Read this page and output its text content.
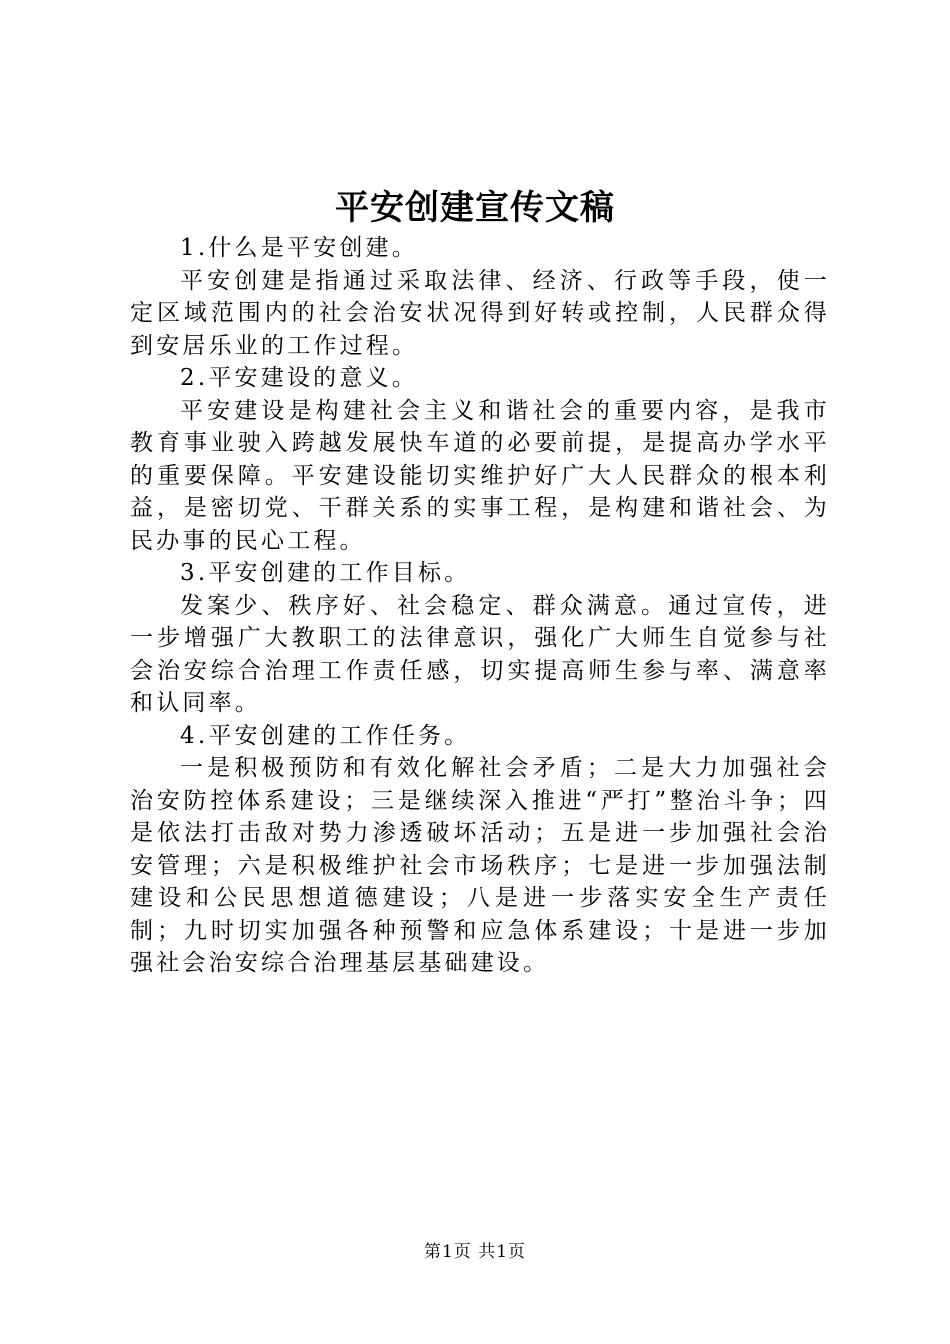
平安创建宣传文稿

1.什么是平安创建。

平安创建是指通过采取法律、经济、行政等手段，使一定区域范围内的社会治安状况得到好转或控制，人民群众得到安居乐业的工作过程。

2.平安建设的意义。

平安建设是构建社会主义和谐社会的重要内容，是我市教育事业驶入跨越发展快车道的必要前提，是提高办学水平的重要保障。平安建设能切实维护好广大人民群众的根本利益，是密切党、干群关系的实事工程，是构建和谐社会、为民办事的民心工程。

3.平安创建的工作目标。

发案少、秩序好、社会稳定、群众满意。通过宣传，进一步增强广大教职工的法律意识，强化广大师生自觉参与社会治安综合治理工作责任感，切实提高师生参与率、满意率和认同率。

4.平安创建的工作任务。

一是积极预防和有效化解社会矛盾；二是大力加强社会治安防控体系建设；三是继续深入推进“严打”整治斗争；四是依法打击敌对势力渗透破坏活动；五是进一步加强社会治安管理；六是积极维护社会市场秩序；七是进一步加强法制建设和公民思想道德建设；八是进一步落实安全生产责任制；九时切实加强各种预警和应急体系建设；十是进一步加强社会治安综合治理基层基础建设。

第1页 共1页
